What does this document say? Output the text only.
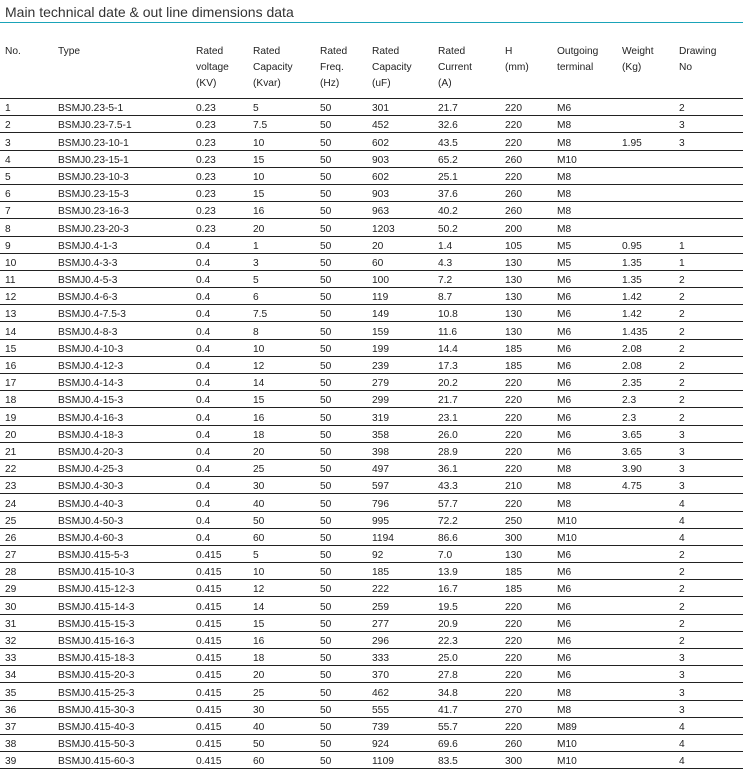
Main technical date & out line dimensions data
No.	Type	Rated
voltage
(KV)	Rated
Capacity
(Kvar)	Rated
Freq.
(Hz)	Rated
Capacity
(uF)	Rated
Current
(A)	H
(mm)	Outgoing
terminal	Weight
(Kg)	Drawing
No

1	BSMJ0.23-5-1	0.23	5	50	301	21.7	220	M6		2
2	BSMJ0.23-7.5-1	0.23	7.5	50	452	32.6	220	M8		3
3	BSMJ0.23-10-1	0.23	10	50	602	43.5	220	M8	1.95	3
4	BSMJ0.23-15-1	0.23	15	50	903	65.2	260	M10		
5	BSMJ0.23-10-3	0.23	10	50	602	25.1	220	M8		
6	BSMJ0.23-15-3	0.23	15	50	903	37.6	260	M8		
7	BSMJ0.23-16-3	0.23	16	50	963	40.2	260	M8		
8	BSMJ0.23-20-3	0.23	20	50	1203	50.2	200	M8		
9	BSMJ0.4-1-3	0.4	1	50	20	1.4	105	M5	0.95	1
10	BSMJ0.4-3-3	0.4	3	50	60	4.3	130	M5	1.35	1
11	BSMJ0.4-5-3	0.4	5	50	100	7.2	130	M6	1.35	2
12	BSMJ0.4-6-3	0.4	6	50	119	8.7	130	M6	1.42	2
13	BSMJ0.4-7.5-3	0.4	7.5	50	149	10.8	130	M6	1.42	2
14	BSMJ0.4-8-3	0.4	8	50	159	11.6	130	M6	1.435	2
15	BSMJ0.4-10-3	0.4	10	50	199	14.4	185	M6	2.08	2
16	BSMJ0.4-12-3	0.4	12	50	239	17.3	185	M6	2.08	2
17	BSMJ0.4-14-3	0.4	14	50	279	20.2	220	M6	2.35	2
18	BSMJ0.4-15-3	0.4	15	50	299	21.7	220	M6	2.3	2
19	BSMJ0.4-16-3	0.4	16	50	319	23.1	220	M6	2.3	2
20	BSMJ0.4-18-3	0.4	18	50	358	26.0	220	M6	3.65	3
21	BSMJ0.4-20-3	0.4	20	50	398	28.9	220	M6	3.65	3
22	BSMJ0.4-25-3	0.4	25	50	497	36.1	220	M8	3.90	3
23	BSMJ0.4-30-3	0.4	30	50	597	43.3	210	M8	4.75	3
24	BSMJ0.4-40-3	0.4	40	50	796	57.7	220	M8		4
25	BSMJ0.4-50-3	0.4	50	50	995	72.2	250	M10		4
26	BSMJ0.4-60-3	0.4	60	50	1194	86.6	300	M10		4
27	BSMJ0.415-5-3	0.415	5	50	92	7.0	130	M6		2
28	BSMJ0.415-10-3	0.415	10	50	185	13.9	185	M6		2
29	BSMJ0.415-12-3	0.415	12	50	222	16.7	185	M6		2
30	BSMJ0.415-14-3	0.415	14	50	259	19.5	220	M6		2
31	BSMJ0.415-15-3	0.415	15	50	277	20.9	220	M6		2
32	BSMJ0.415-16-3	0.415	16	50	296	22.3	220	M6		2
33	BSMJ0.415-18-3	0.415	18	50	333	25.0	220	M6		3
34	BSMJ0.415-20-3	0.415	20	50	370	27.8	220	M6		3
35	BSMJ0.415-25-3	0.415	25	50	462	34.8	220	M8		3
36	BSMJ0.415-30-3	0.415	30	50	555	41.7	270	M8		3
37	BSMJ0.415-40-3	0.415	40	50	739	55.7	220	M89		4
38	BSMJ0.415-50-3	0.415	50	50	924	69.6	260	M10		4
39	BSMJ0.415-60-3	0.415	60	50	1109	83.5	300	M10		4
